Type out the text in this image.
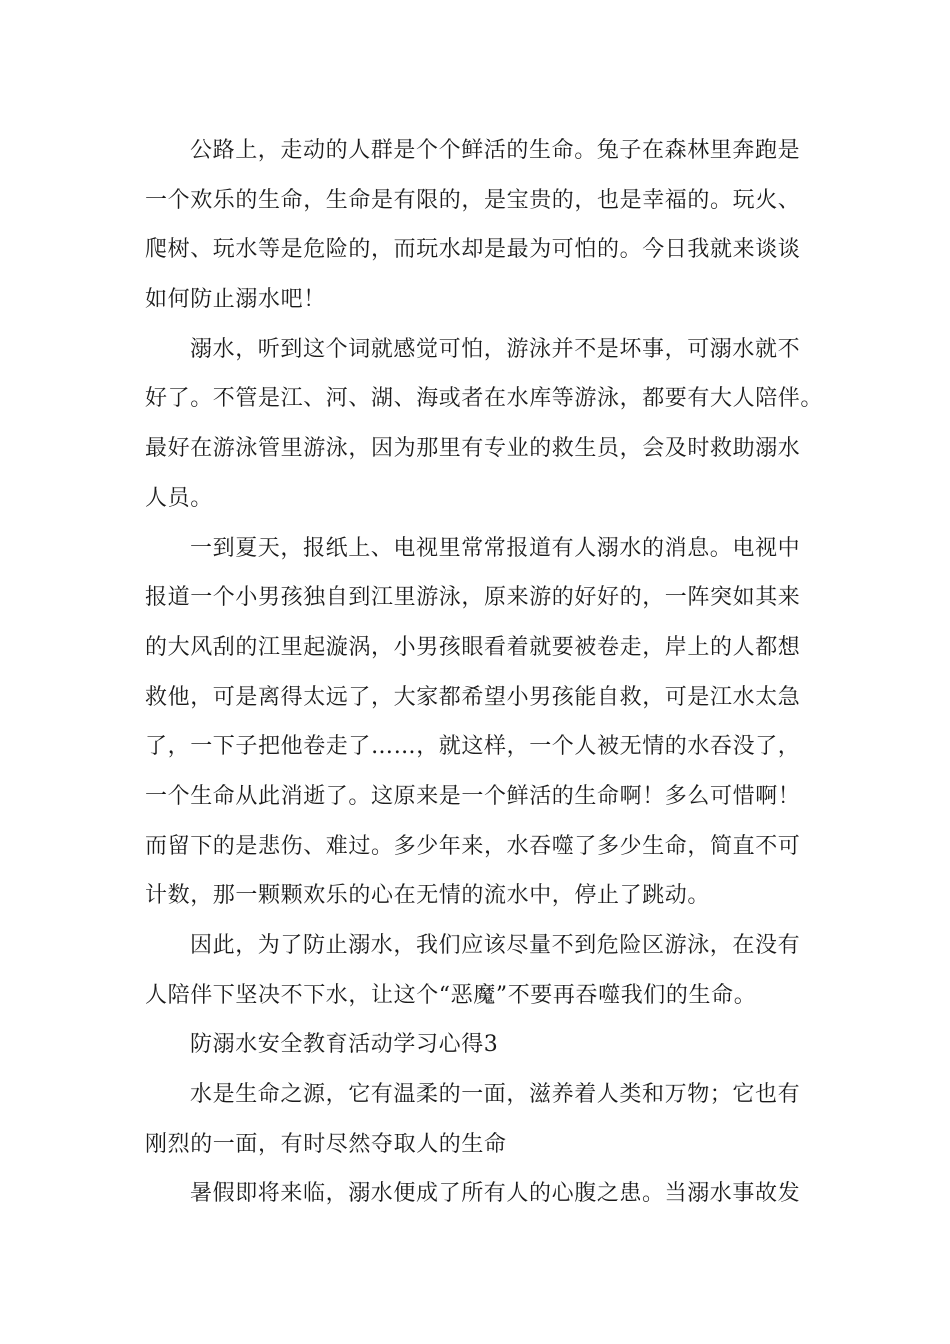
公路上，走动的人群是个个鲜活的生命。兔子在森林里奔跑是
一个欢乐的生命，生命是有限的，是宝贵的，也是幸福的。玩火、
爬树、玩水等是危险的，而玩水却是最为可怕的。今日我就来谈谈
如何防止溺水吧！
溺水，听到这个词就感觉可怕，游泳并不是坏事，可溺水就不
好了。不管是江、河、湖、海或者在水库等游泳，都要有大人陪伴。
最好在游泳管里游泳，因为那里有专业的救生员，会及时救助溺水
人员。
一到夏天，报纸上、电视里常常报道有人溺水的消息。电视中
报道一个小男孩独自到江里游泳，原来游的好好的，一阵突如其来
的大风刮的江里起漩涡，小男孩眼看着就要被卷走，岸上的人都想
救他，可是离得太远了，大家都希望小男孩能自救，可是江水太急
了，一下子把他卷走了……，就这样，一个人被无情的水吞没了，
一个生命从此消逝了。这原来是一个鲜活的生命啊！多么可惜啊！
而留下的是悲伤、难过。多少年来，水吞噬了多少生命，简直不可
计数，那一颗颗欢乐的心在无情的流水中，停止了跳动。
因此，为了防止溺水，我们应该尽量不到危险区游泳，在没有
人陪伴下坚决不下水，让这个“恶魔”不要再吞噬我们的生命。
防溺水安全教育活动学习心得3
水是生命之源，它有温柔的一面，滋养着人类和万物；它也有
刚烈的一面，有时尽然夺取人的生命
暑假即将来临，溺水便成了所有人的心腹之患。当溺水事故发
